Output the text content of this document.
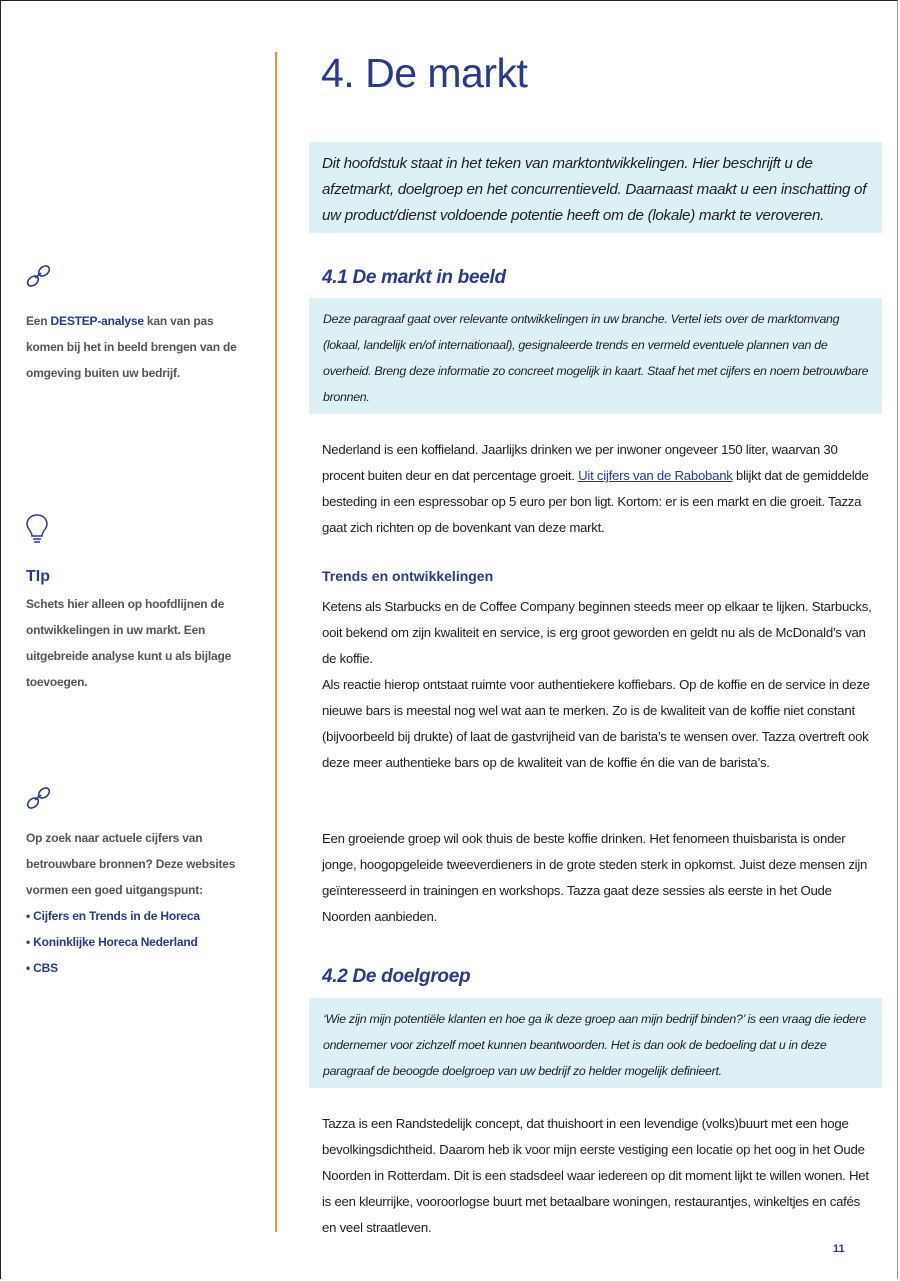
Een DESTEP-analyse kan van pas komen bij het in beeld brengen van de omgeving buiten uw bedrijf.
TIp
Schets hier alleen op hoofdlijnen de ontwikkelingen in uw markt. Een uitgebreide analyse kunt u als bijlage toevoegen.
Op zoek naar actuele cijfers van betrouwbare bronnen? Deze websites vormen een goed uitgangspunt:
• Cijfers en Trends in de Horeca
• Koninklijke Horeca Nederland
• CBS
4. De markt
Dit hoofdstuk staat in het teken van marktontwikkelingen. Hier beschrijft u de afzetmarkt, doelgroep en het concurrentieveld. Daarnaast maakt u een inschatting of uw product/dienst voldoende potentie heeft om de (lokale) markt te veroveren.
4.1 De markt in beeld
Deze paragraaf gaat over relevante ontwikkelingen in uw branche. Vertel iets over de marktomvang (lokaal, landelijk en/of internationaal), gesignaleerde trends en vermeld eventuele plannen van de overheid. Breng deze informatie zo concreet mogelijk in kaart. Staaf het met cijfers en noem betrouwbare bronnen.

Nederland is een koffieland. Jaarlijks drinken we per inwoner ongeveer 150 liter, waarvan 30 procent buiten deur en dat percentage groeit. Uit cijfers van de Rabobank blijkt dat de gemiddelde besteding in een espressobar op 5 euro per bon ligt. Kortom: er is een markt en die groeit. Tazza gaat zich richten op de bovenkant van deze markt.

Trends en ontwikkelingen

Ketens als Starbucks en de Coffee Company beginnen steeds meer op elkaar te lijken. Starbucks, ooit bekend om zijn kwaliteit en service, is erg groot geworden en geldt nu als de McDonald’s van de koffie.

Als reactie hierop ontstaat ruimte voor authentiekere koffiebars. Op de koffie en de service in deze nieuwe bars is meestal nog wel wat aan te merken. Zo is de kwaliteit van de koffie niet constant (bijvoorbeeld bij drukte) of laat de gastvrijheid van de barista’s te wensen over. Tazza overtreft ook deze meer authentieke bars op de kwaliteit van de koffie én die van de barista’s.

Een groeiende groep wil ook thuis de beste koffie drinken. Het fenomeen thuisbarista is onder jonge, hoogopgeleide tweeverdieners in de grote steden sterk in opkomst. Juist deze mensen zijn geïnteresseerd in trainingen en workshops. Tazza gaat deze sessies als eerste in het Oude Noorden aanbieden.

4.2 De doelgroep
‘Wie zijn mijn potentiële klanten en hoe ga ik deze groep aan mijn bedrijf binden?’ is een vraag die iedere ondernemer voor zichzelf moet kunnen beantwoorden. Het is dan ook de bedoeling dat u in deze paragraaf de beoogde doelgroep van uw bedrijf zo helder mogelijk definieert.

Tazza is een Randstedelijk concept, dat thuishoort in een levendige (volks)buurt met een hoge bevolkingsdichtheid. Daarom heb ik voor mijn eerste vestiging een locatie op het oog in het Oude Noorden in Rotterdam. Dit is een stadsdeel waar iedereen op dit moment lijkt te willen wonen. Het is een kleurrijke, vooroorlogse buurt met betaalbare woningen, restaurantjes, winkeltjes en cafés en veel straatleven.

11
